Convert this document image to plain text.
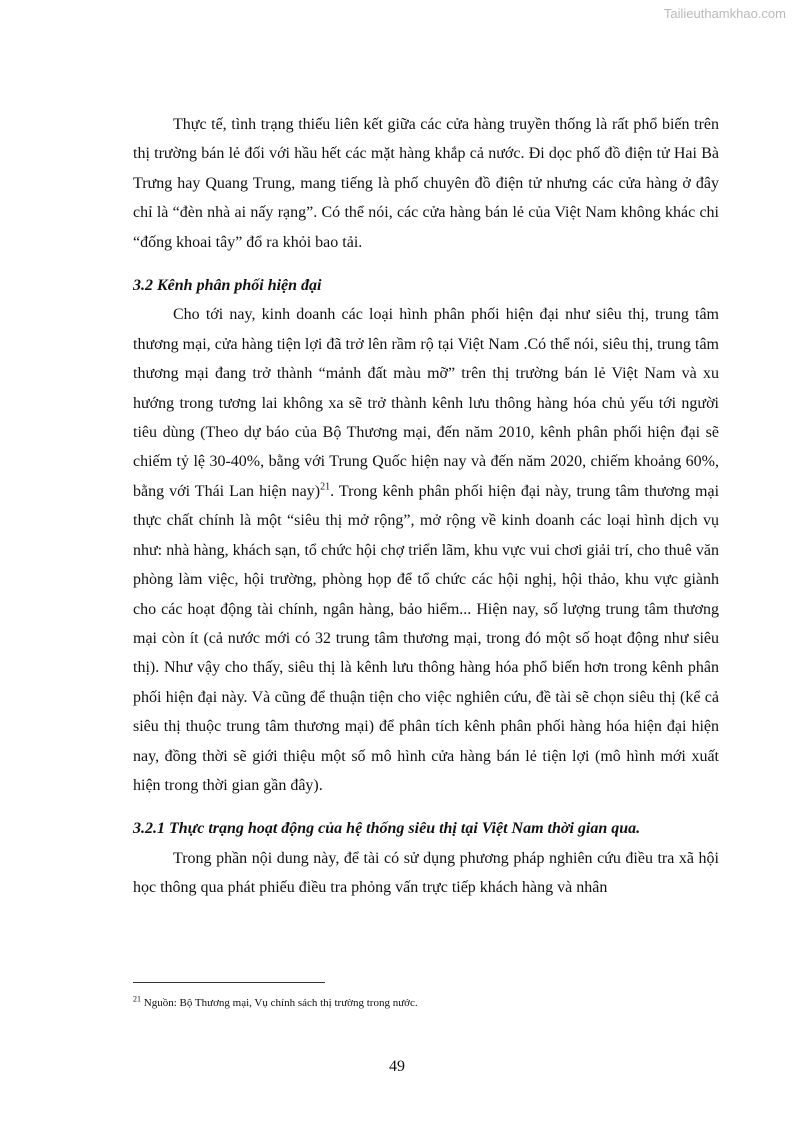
Tailieuthamkhao.com

Thực tế, tình trạng thiếu liên kết giữa các cửa hàng truyền thống là rất phổ biến trên thị trường bán lẻ đối với hầu hết các mặt hàng khắp cả nước. Đi dọc phố đồ điện tử Hai Bà Trưng hay Quang Trung, mang tiếng là phố chuyên đồ điện tử nhưng các cửa hàng ở đây chỉ là “đèn nhà ai nấy rạng”. Có thể nói, các cửa hàng bán lẻ của Việt Nam không khác chi “đống khoai tây” đổ ra khỏi bao tải.

3.2 Kênh phân phối hiện đại

Cho tới nay, kinh doanh các loại hình phân phối hiện đại như siêu thị, trung tâm thương mại, cửa hàng tiện lợi đã trở lên rầm rộ tại Việt Nam .Có thể nói, siêu thị, trung tâm thương mại đang trở thành “mảnh đất màu mỡ” trên thị trường bán lẻ Việt Nam và xu hướng trong tương lai không xa sẽ trở thành kênh lưu thông hàng hóa chủ yếu tới người tiêu dùng (Theo dự báo của Bộ Thương mại, đến năm 2010, kênh phân phối hiện đại sẽ chiếm tỷ lệ 30-40%, bằng với Trung Quốc hiện nay và đến năm 2020, chiếm khoảng 60%, bằng với Thái Lan hiện nay)$^{21}$. Trong kênh phân phối hiện đại này, trung tâm thương mại thực chất chính là một “siêu thị mở rộng”, mở rộng về kinh doanh các loại hình dịch vụ như: nhà hàng, khách sạn, tổ chức hội chợ triển lãm, khu vực vui chơi giải trí, cho thuê văn phòng làm việc, hội trường, phòng họp để tổ chức các hội nghị, hội thảo, khu vực giành cho các hoạt động tài chính, ngân hàng, bảo hiểm... Hiện nay, số lượng trung tâm thương mại còn ít (cả nước mới có 32 trung tâm thương mại, trong đó một số hoạt động như siêu thị). Như vậy cho thấy, siêu thị là kênh lưu thông hàng hóa phổ biến hơn trong kênh phân phối hiện đại này. Và cũng để thuận tiện cho việc nghiên cứu, đề tài sẽ chọn siêu thị (kể cả siêu thị thuộc trung tâm thương mại) để phân tích kênh phân phối hàng hóa hiện đại hiện nay, đồng thời sẽ giới thiệu một số mô hình cửa hàng bán lẻ tiện lợi (mô hình mới xuất hiện trong thời gian gần đây).

3.2.1 Thực trạng hoạt động của hệ thống siêu thị tại Việt Nam thời gian qua.

Trong phần nội dung này, để tài có sử dụng phương pháp nghiên cứu điều tra xã hội học thông qua phát phiếu điều tra phỏng vấn trực tiếp khách hàng và nhân

$^{21}$ Nguồn: Bộ Thương mại, Vụ chính sách thị trường trong nước.
49
